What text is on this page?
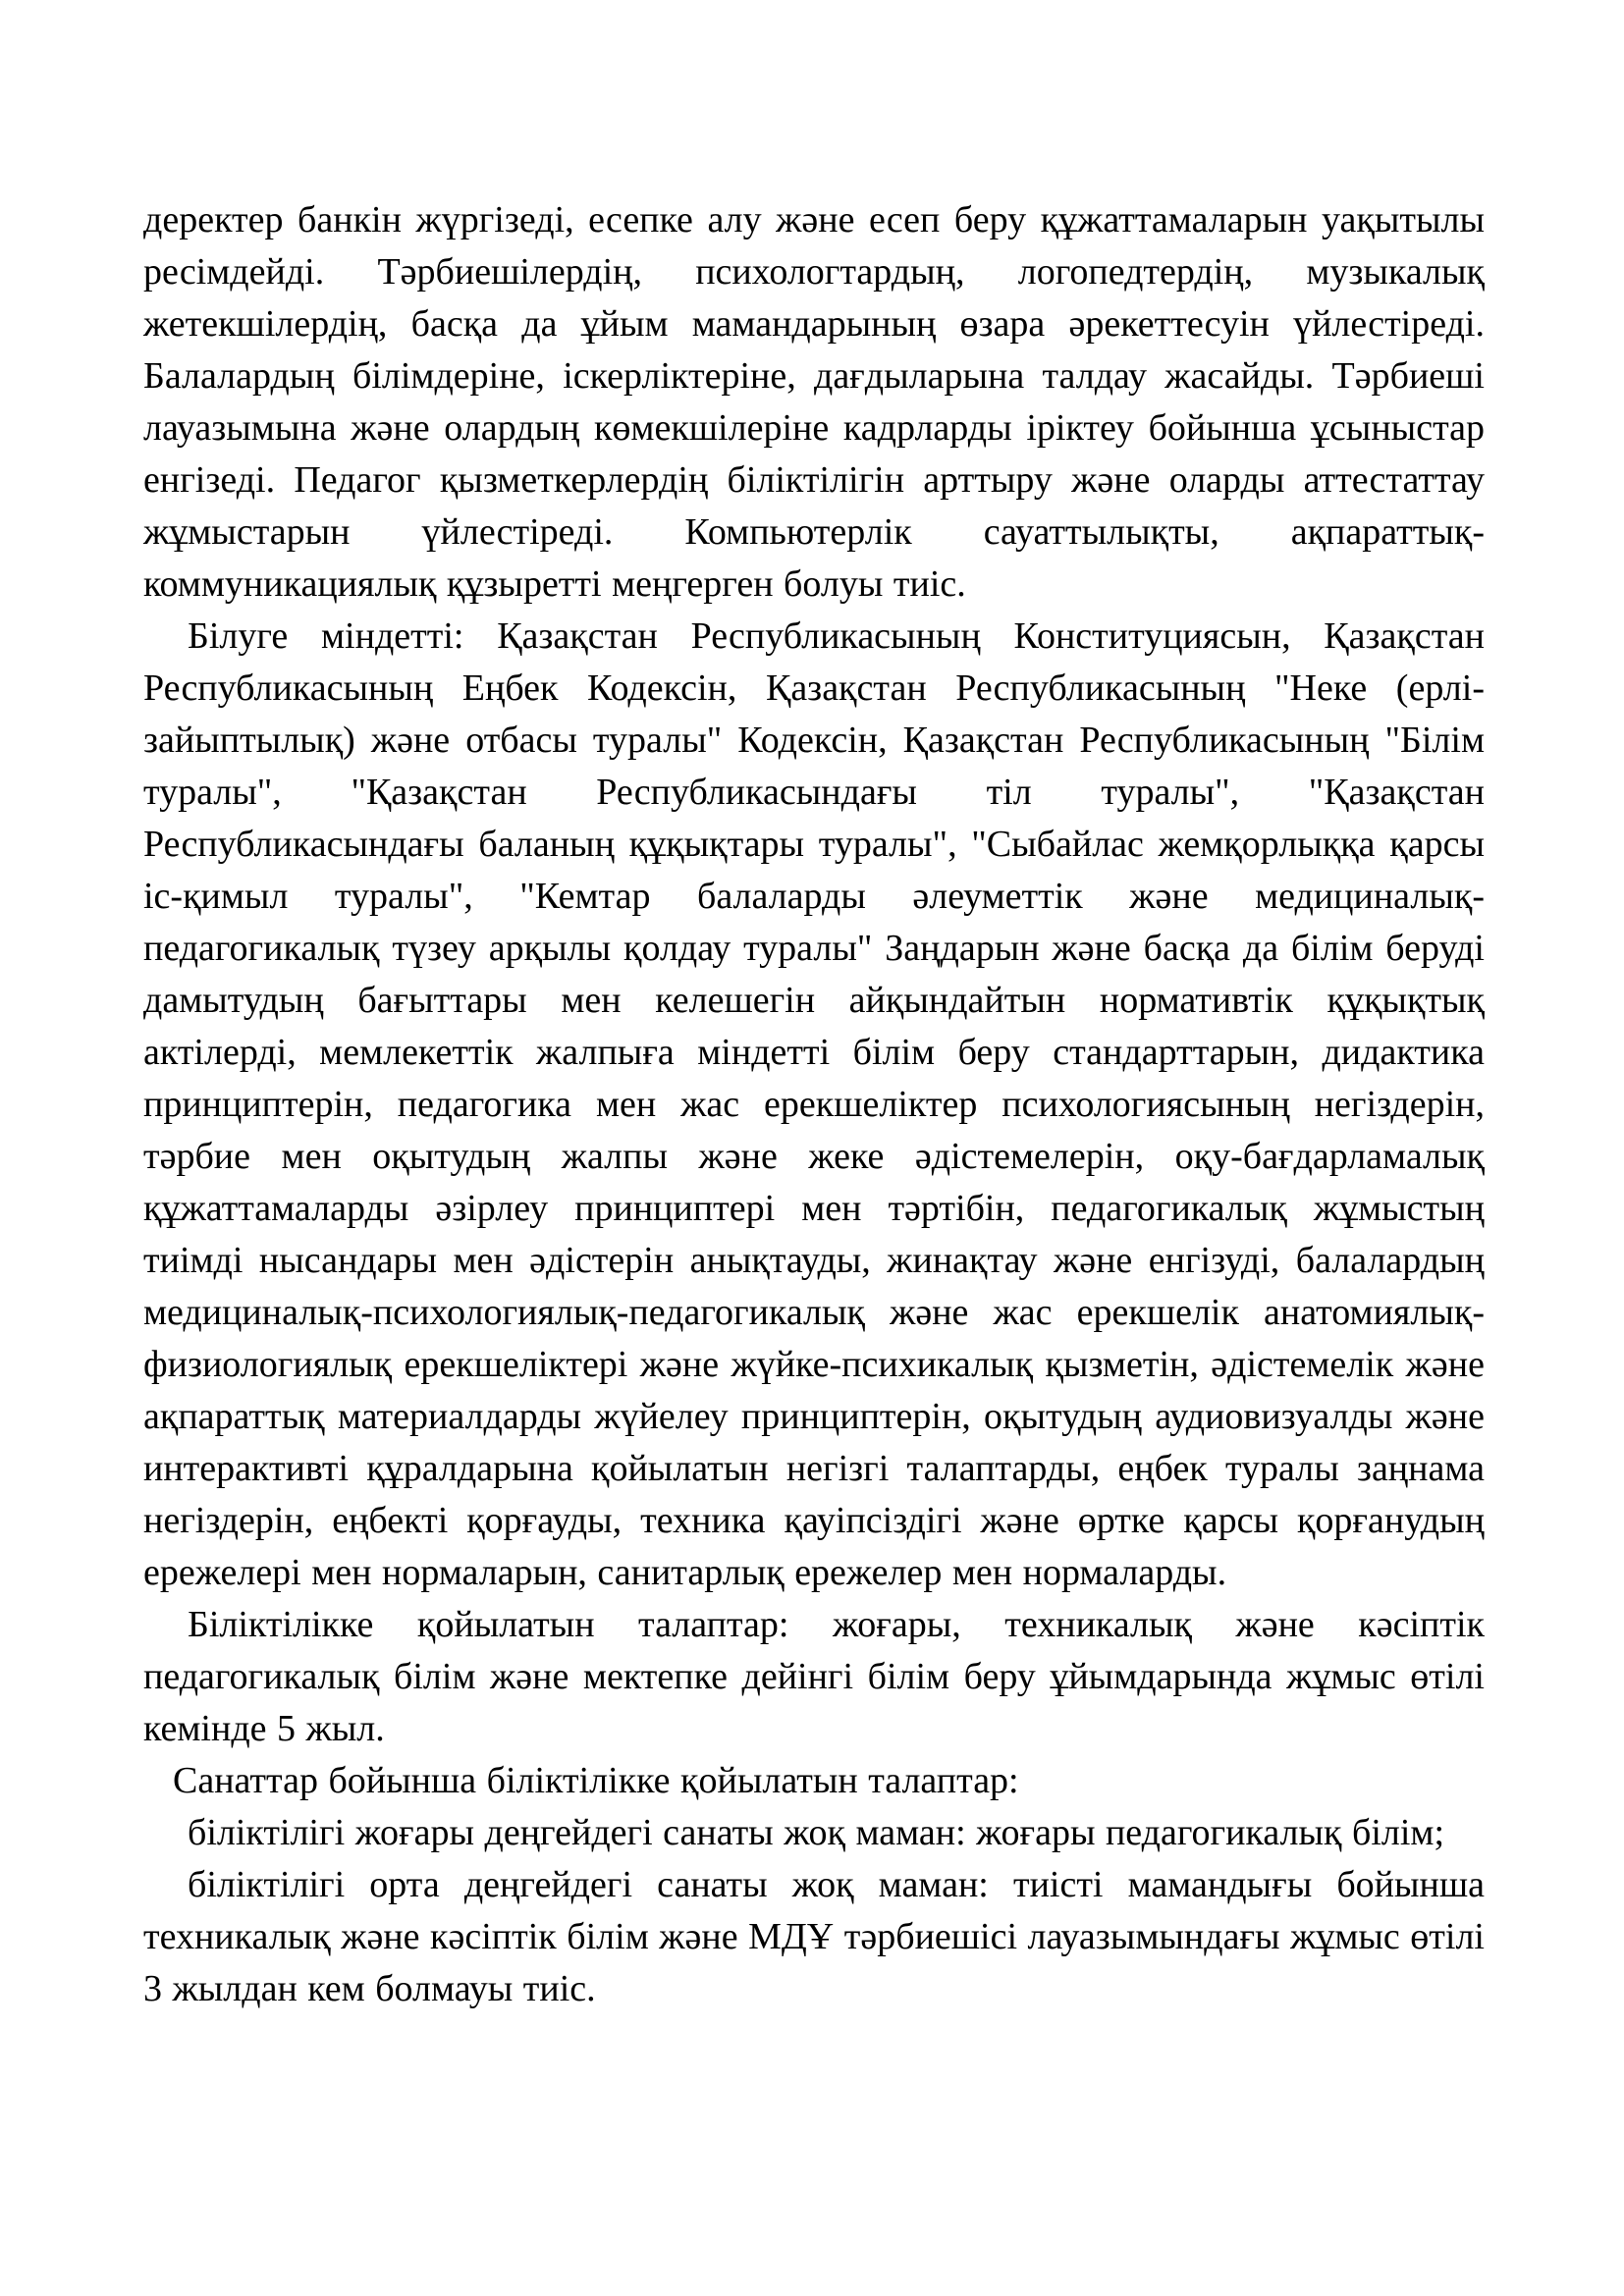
деректер банкін жүргізеді, есепке алу және есеп беру құжаттамаларын уақытылы ресімдейді. Тәрбиешілердің, психологтардың, логопедтердің, музыкалық жетекшілердің, басқа да ұйым мамандарының өзара әрекеттесуін үйлестіреді. Балалардың білімдеріне, іскерліктеріне, дағдыларына талдау жасайды. Тәрбиеші лауазымына және олардың көмекшілеріне кадрларды іріктеу бойынша ұсыныстар енгізеді. Педагог қызметкерлердің біліктілігін арттыру және оларды аттестаттау жұмыстарын үйлестіреді. Компьютерлік сауаттылықты, ақпараттық-коммуникациялық құзыретті меңгерген болуы тиіс.

Білуге міндетті: Қазақстан Республикасының Конституциясын, Қазақстан Республикасының Еңбек Кодексін, Қазақстан Республикасының "Неке (ерлі-зайыптылық) және отбасы туралы" Кодексін, Қазақстан Республикасының "Білім туралы", "Қазақстан Республикасындағы тіл туралы", "Қазақстан Республикасындағы баланың құқықтары туралы", "Сыбайлас жемқорлыққа қарсы іс-қимыл туралы", "Кемтар балаларды әлеуметтік және медициналық-педагогикалық түзеу арқылы қолдау туралы" Заңдарын және басқа да білім беруді дамытудың бағыттары мен келешегін айқындайтын нормативтік құқықтық актілерді, мемлекеттік жалпыға міндетті білім беру стандарттарын, дидактика принциптерін, педагогика мен жас ерекшеліктер психологиясының негіздерін, тәрбие мен оқытудың жалпы және жеке әдістемелерін, оқу-бағдарламалық құжаттамаларды әзірлеу принциптері мен тәртібін, педагогикалық жұмыстың тиімді нысандары мен әдістерін анықтауды, жинақтау және енгізуді, балалардың медициналық-психологиялық-педагогикалық және жас ерекшелік анатомиялық-физиологиялық ерекшеліктері және жүйке-психикалық қызметін, әдістемелік және ақпараттық материалдарды жүйелеу принциптерін, оқытудың аудиовизуалды және интерактивті құралдарына қойылатын негізгі талаптарды, еңбек туралы заңнама негіздерін, еңбекті қорғауды, техника қауіпсіздігі және өртке қарсы қорғанудың ережелері мен нормаларын, санитарлық ережелер мен нормаларды.

Біліктілікке қойылатын талаптар: жоғары, техникалық және кәсіптік педагогикалық білім және мектепке дейінгі білім беру ұйымдарында жұмыс өтілі кемінде 5 жыл.

Санаттар бойынша біліктілікке қойылатын талаптар:

біліктілігі жоғары деңгейдегі санаты жоқ маман: жоғары педагогикалық білім;

біліктілігі орта деңгейдегі санаты жоқ маман: тиісті мамандығы бойынша техникалық және кәсіптік білім және МДҰ тәрбиешісі лауазымындағы жұмыс өтілі 3 жылдан кем болмауы тиіс.
